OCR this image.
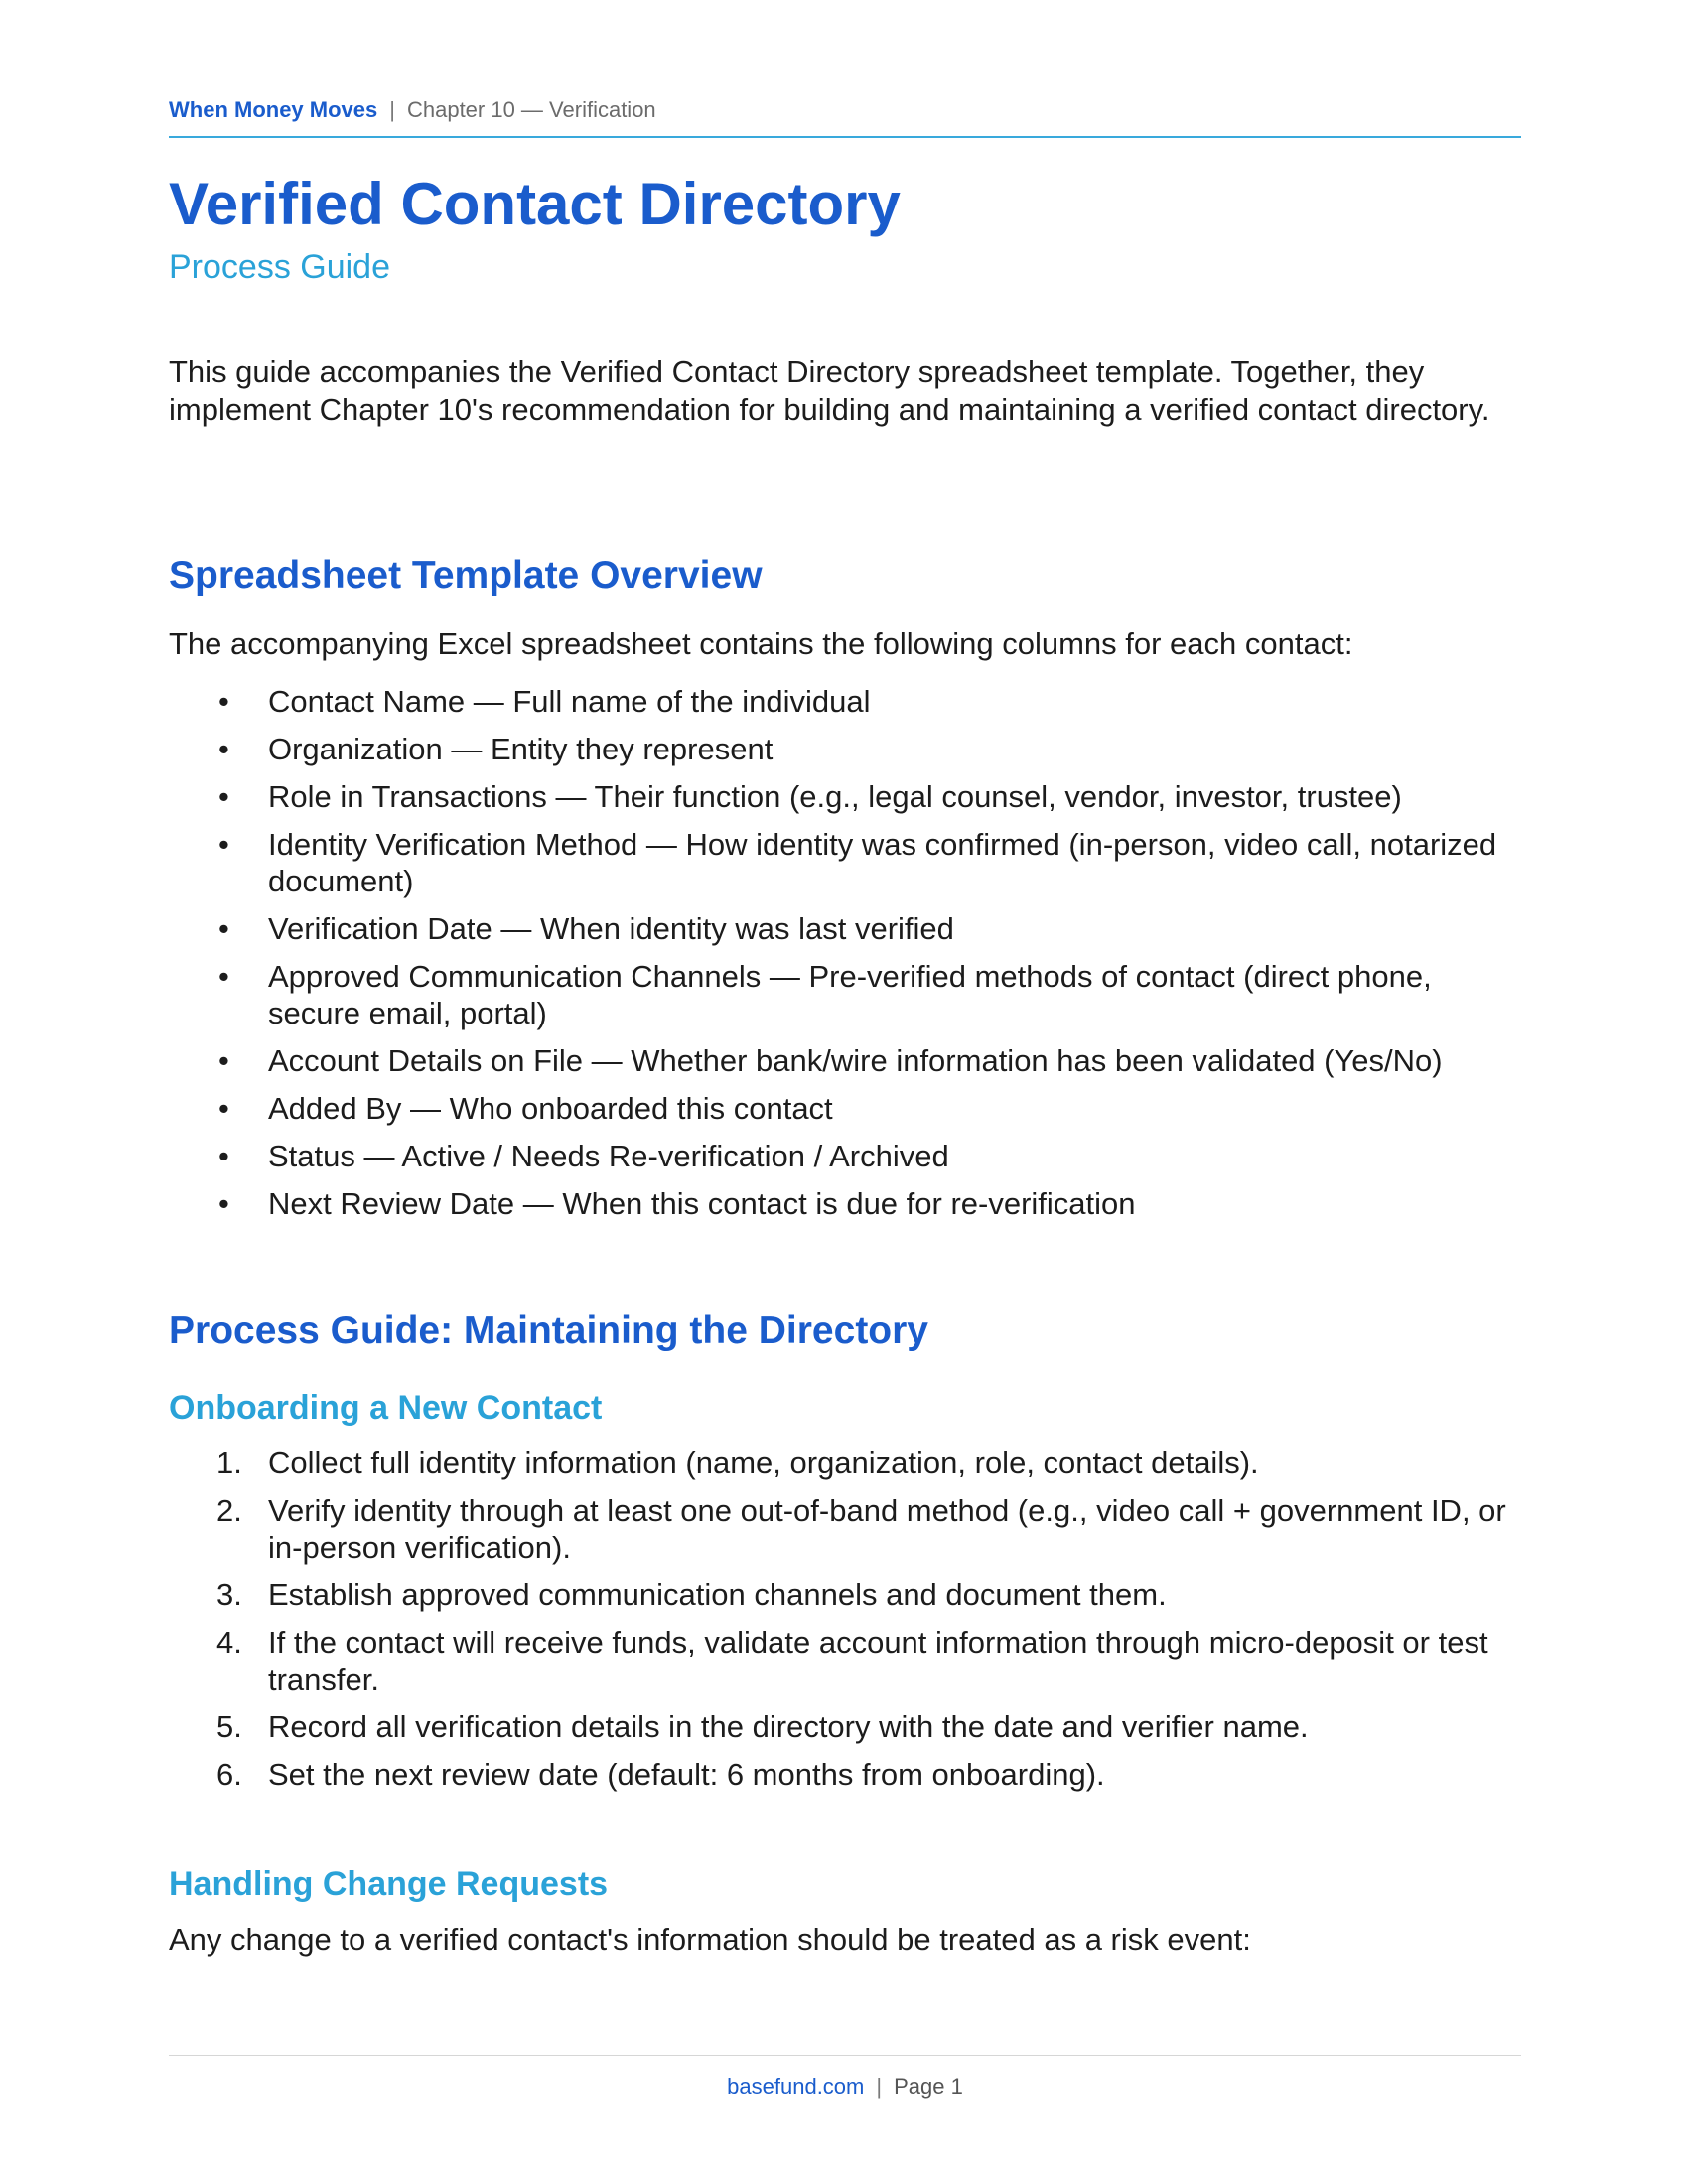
When Money Moves | Chapter 10 — Verification
Verified Contact Directory
Process Guide

This guide accompanies the Verified Contact Directory spreadsheet template. Together, they implement Chapter 10's recommendation for building and maintaining a verified contact directory.

Spreadsheet Template Overview

The accompanying Excel spreadsheet contains the following columns for each contact:

• Contact Name — Full name of the individual
• Organization — Entity they represent
• Role in Transactions — Their function (e.g., legal counsel, vendor, investor, trustee)
• Identity Verification Method — How identity was confirmed (in-person, video call, notarized document)
• Verification Date — When identity was last verified
• Approved Communication Channels — Pre-verified methods of contact (direct phone, secure email, portal)
• Account Details on File — Whether bank/wire information has been validated (Yes/No)
• Added By — Who onboarded this contact
• Status — Active / Needs Re-verification / Archived
• Next Review Date — When this contact is due for re-verification
Process Guide: Maintaining the Directory
Onboarding a New Contact
1. Collect full identity information (name, organization, role, contact details).
2. Verify identity through at least one out-of-band method (e.g., video call + government ID, or in-person verification).
3. Establish approved communication channels and document them.
4. If the contact will receive funds, validate account information through micro-deposit or test transfer.
5. Record all verification details in the directory with the date and verifier name.
6. Set the next review date (default: 6 months from onboarding).
Handling Change Requests

Any change to a verified contact's information should be treated as a risk event:

basefund.com | Page 1
